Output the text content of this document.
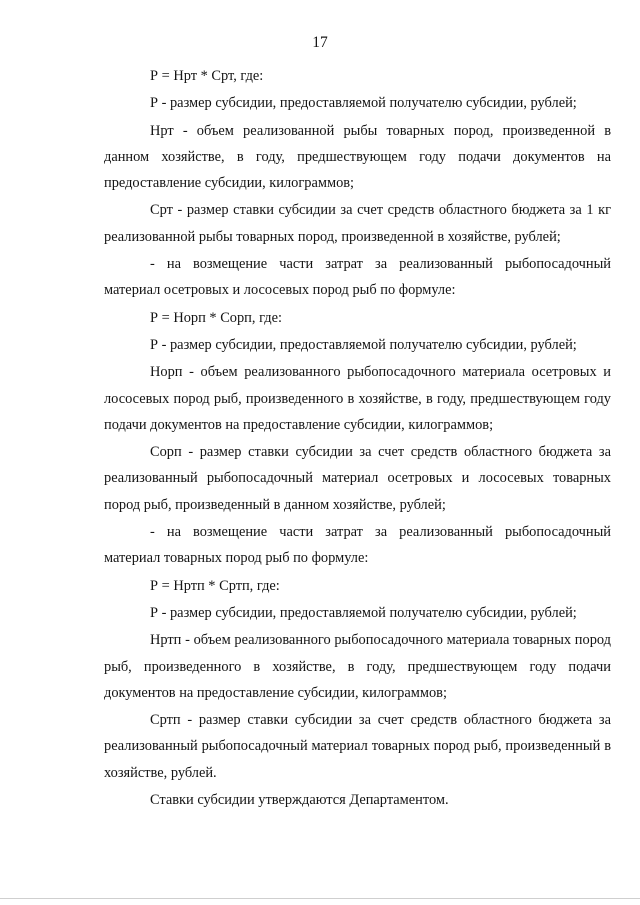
17

Р = Нрт * Срт, где:

Р - размер субсидии, предоставляемой получателю субсидии, рублей;

Нрт - объем реализованной рыбы товарных пород, произведенной в данном хозяйстве, в году, предшествующем году подачи документов на предоставление субсидии, килограммов;

Срт - размер ставки субсидии за счет средств областного бюджета за 1 кг реализованной рыбы товарных пород, произведенной в хозяйстве, рублей;

- на возмещение части затрат за реализованный рыбопосадочный материал осетровых и лососевых пород рыб по формуле:

Р = Норп * Сорп, где:

Р - размер субсидии, предоставляемой получателю субсидии, рублей;

Норп - объем реализованного рыбопосадочного материала осетровых и лососевых пород рыб, произведенного в хозяйстве, в году, предшествующем году подачи документов на предоставление субсидии, килограммов;

Сорп - размер ставки субсидии за счет средств областного бюджета за реализованный рыбопосадочный материал осетровых и лососевых товарных пород рыб, произведенный в данном хозяйстве, рублей;

- на возмещение части затрат за реализованный рыбопосадочный материал товарных пород рыб по формуле:

Р = Нртп * Сртп, где:

Р - размер субсидии, предоставляемой получателю субсидии, рублей;

Нртп - объем реализованного рыбопосадочного материала товарных пород рыб, произведенного в хозяйстве, в году, предшествующем году подачи документов на предоставление субсидии, килограммов;

Сртп - размер ставки субсидии за счет средств областного бюджета за реализованный рыбопосадочный материал товарных пород рыб, произведенный в хозяйстве, рублей.

Ставки субсидии утверждаются Департаментом.
